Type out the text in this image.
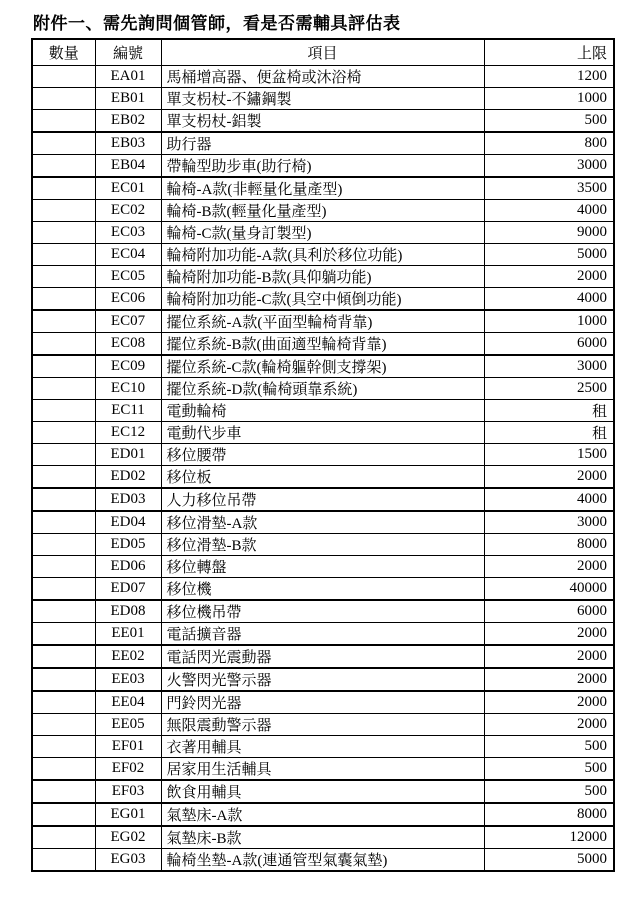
附件一、需先詢問個管師，看是否需輔具評估表
數量	編號	項目	上限
	EA01	馬桶增高器、便盆椅或沐浴椅	1200
	EB01	單支枴杖-不鏽鋼製	1000
	EB02	單支枴杖-鋁製	500
	EB03	助行器	800
	EB04	帶輪型助步車(助行椅)	3000
	EC01	輪椅-A款(非輕量化量產型)	3500
	EC02	輪椅-B款(輕量化量產型)	4000
	EC03	輪椅-C款(量身訂製型)	9000
	EC04	輪椅附加功能-A款(具利於移位功能)	5000
	EC05	輪椅附加功能-B款(具仰躺功能)	2000
	EC06	輪椅附加功能-C款(具空中傾倒功能)	4000
	EC07	擺位系統-A款(平面型輪椅背靠)	1000
	EC08	擺位系統-B款(曲面適型輪椅背靠)	6000
	EC09	擺位系統-C款(輪椅軀幹側支撐架)	3000
	EC10	擺位系統-D款(輪椅頭靠系統)	2500
	EC11	電動輪椅	租
	EC12	電動代步車	租
	ED01	移位腰帶	1500
	ED02	移位板	2000
	ED03	人力移位吊帶	4000
	ED04	移位滑墊-A款	3000
	ED05	移位滑墊-B款	8000
	ED06	移位轉盤	2000
	ED07	移位機	40000
	ED08	移位機吊帶	6000
	EE01	電話擴音器	2000
	EE02	電話閃光震動器	2000
	EE03	火警閃光警示器	2000
	EE04	門鈴閃光器	2000
	EE05	無限震動警示器	2000
	EF01	衣著用輔具	500
	EF02	居家用生活輔具	500
	EF03	飲食用輔具	500
	EG01	氣墊床-A款	8000
	EG02	氣墊床-B款	12000
	EG03	輪椅坐墊-A款(連通管型氣囊氣墊)	5000
